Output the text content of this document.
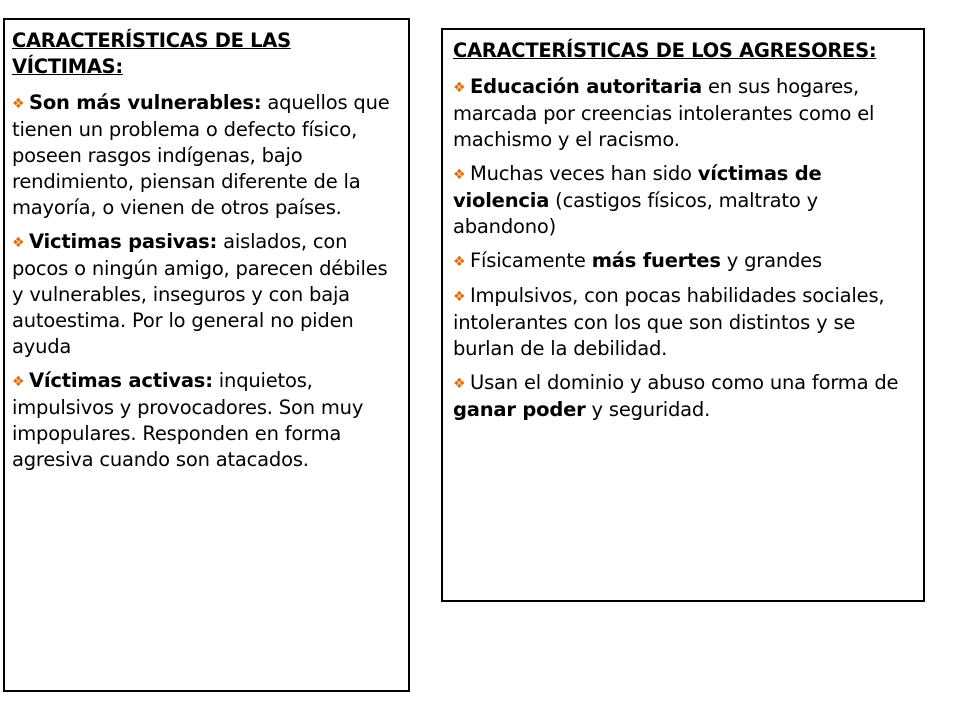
CARACTERÍSTICAS DE LAS VÍCTIMAS:

❖ Son más vulnerables: aquellos que tienen un problema o defecto físico, poseen rasgos indígenas, bajo rendimiento, piensan diferente de la mayoría, o vienen de otros países.

❖ Victimas pasivas: aislados, con pocos o ningún amigo, parecen débiles y vulnerables, inseguros y con baja autoestima. Por lo general no piden ayuda

❖ Víctimas activas: inquietos, impulsivos y provocadores. Son muy impopulares. Responden en forma agresiva cuando son atacados.

CARACTERÍSTICAS DE LOS AGRESORES:

❖ Educación autoritaria en sus hogares, marcada por creencias intolerantes como el machismo y el racismo.

❖ Muchas veces han sido víctimas de violencia (castigos físicos, maltrato y abandono)

❖ Físicamente más fuertes y grandes

❖ Impulsivos, con pocas habilidades sociales, intolerantes con los que son distintos y se burlan de la debilidad.

❖ Usan el dominio y abuso como una forma de ganar poder y seguridad.
